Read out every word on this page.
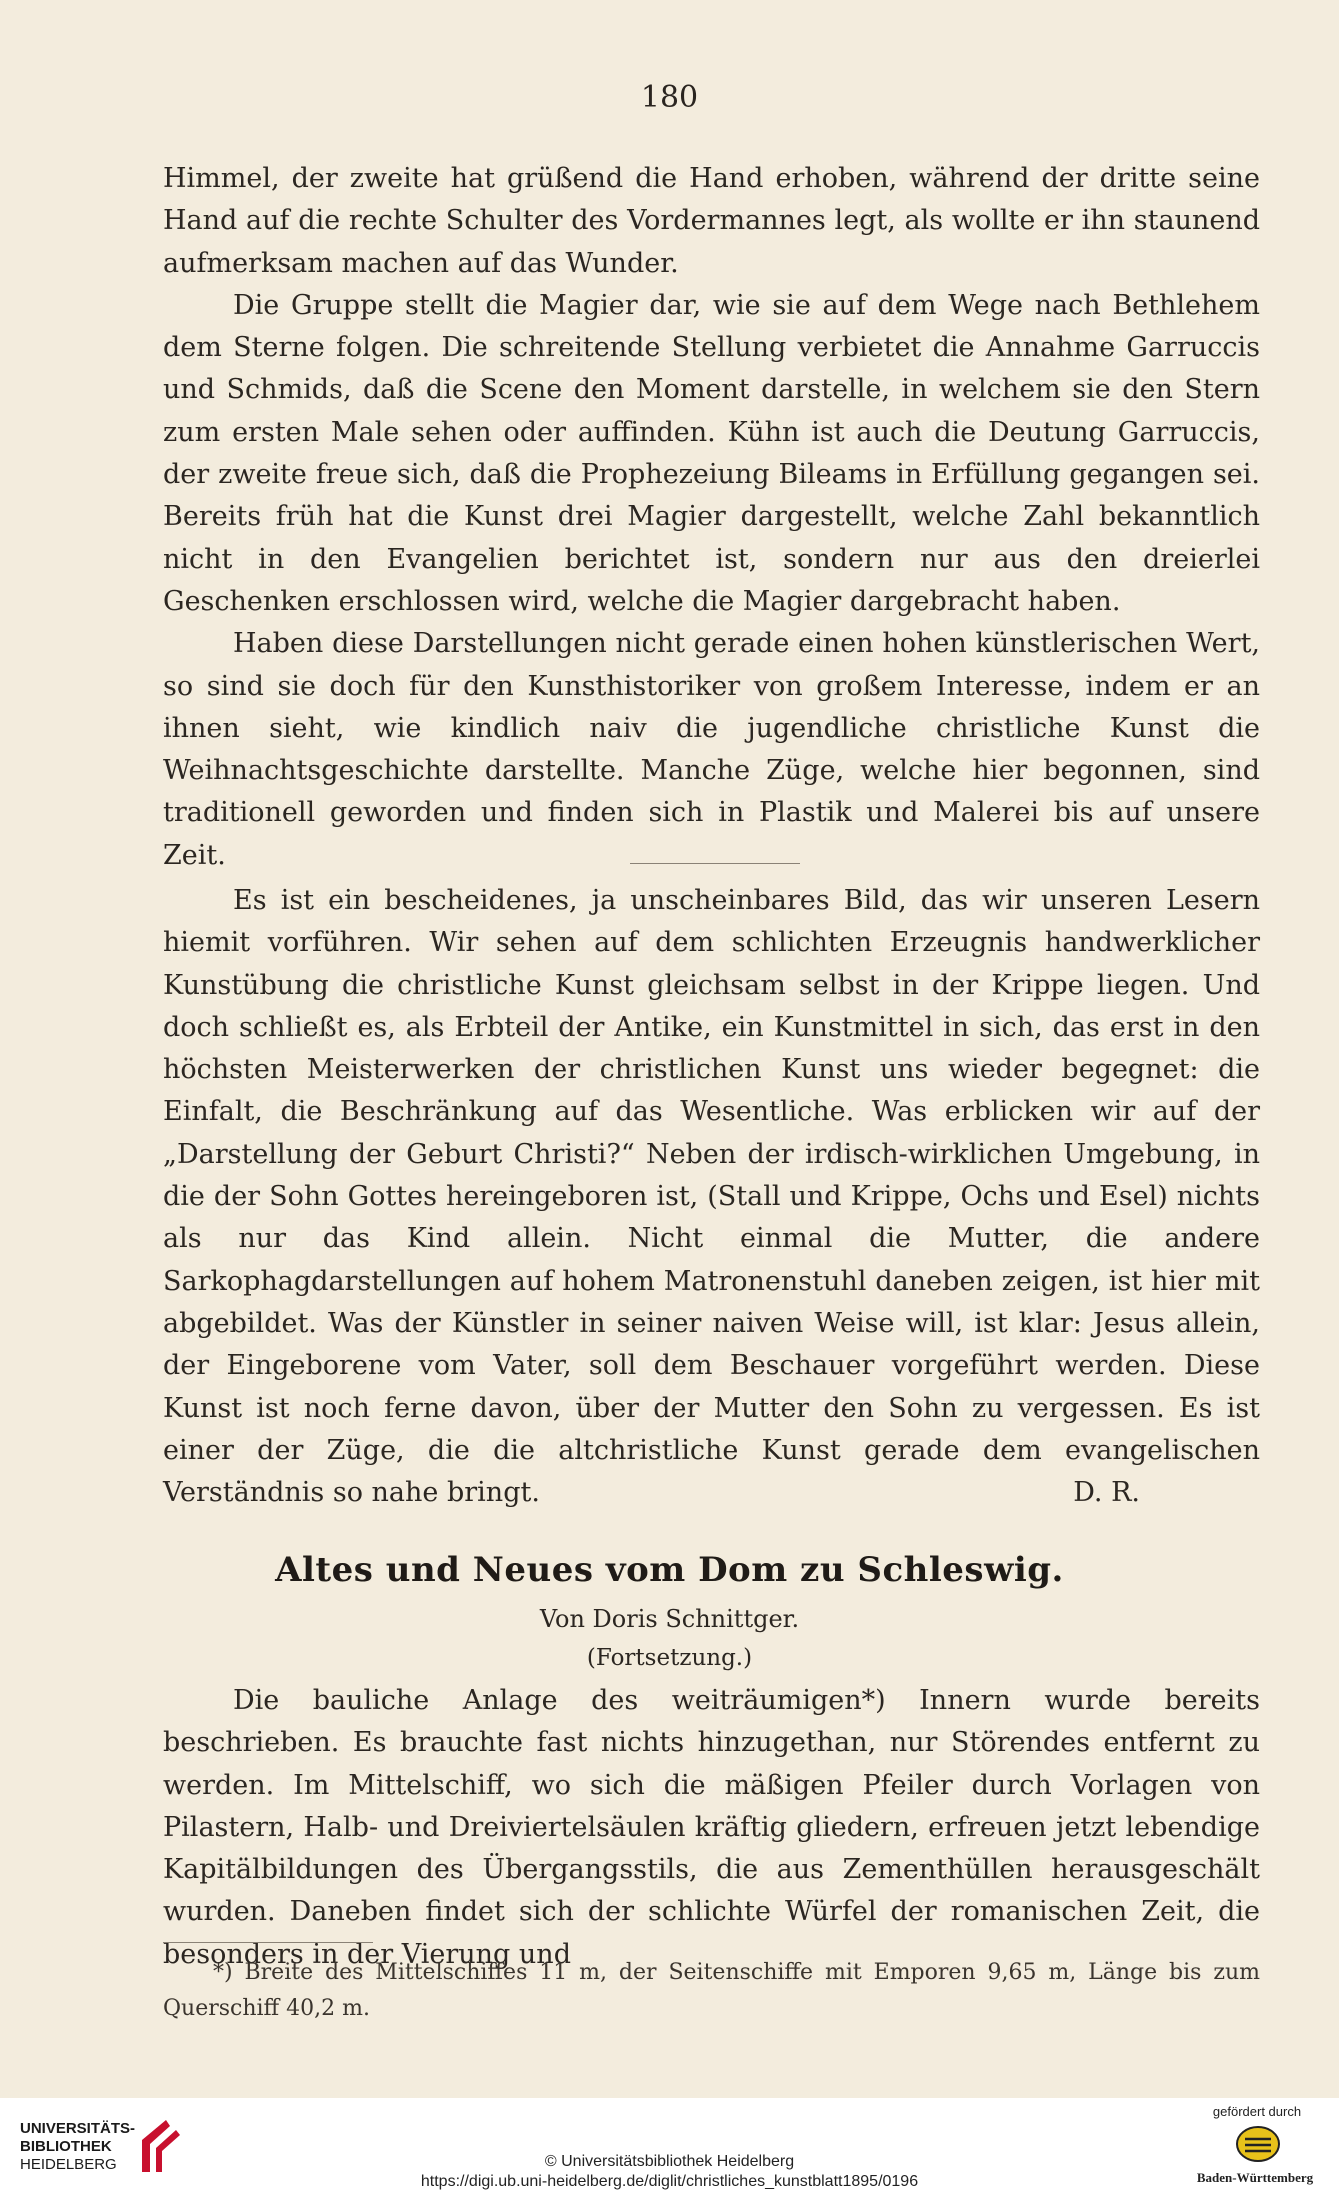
180

Himmel, der zweite hat grüßend die Hand erhoben, während der dritte seine Hand auf die rechte Schulter des Vordermannes legt, als wollte er ihn staunend aufmerksam machen auf das Wunder.

Die Gruppe stellt die Magier dar, wie sie auf dem Wege nach Bethlehem dem Sterne folgen. Die schreitende Stellung verbietet die Annahme Garruccis und Schmids, daß die Scene den Moment darstelle, in welchem sie den Stern zum ersten Male sehen oder auffinden. Kühn ist auch die Deutung Garruccis, der zweite freue sich, daß die Prophezeiung Bileams in Erfüllung gegangen sei. Bereits früh hat die Kunst drei Magier dargestellt, welche Zahl bekanntlich nicht in den Evangelien berichtet ist, sondern nur aus den dreierlei Geschenken erschlossen wird, welche die Magier dargebracht haben.

Haben diese Darstellungen nicht gerade einen hohen künstlerischen Wert, so sind sie doch für den Kunsthistoriker von großem Interesse, indem er an ihnen sieht, wie kindlich naiv die jugendliche christliche Kunst die Weihnachtsgeschichte darstellte. Manche Züge, welche hier begonnen, sind traditionell geworden und finden sich in Plastik und Malerei bis auf unsere Zeit.

Es ist ein bescheidenes, ja unscheinbares Bild, das wir unseren Lesern hiemit vorführen. Wir sehen auf dem schlichten Erzeugnis handwerklicher Kunstübung die christliche Kunst gleichsam selbst in der Krippe liegen. Und doch schließt es, als Erbteil der Antike, ein Kunstmittel in sich, das erst in den höchsten Meisterwerken der christlichen Kunst uns wieder begegnet: die Einfalt, die Beschränkung auf das Wesentliche. Was erblicken wir auf der „Darstellung der Geburt Christi?“ Neben der irdisch-wirklichen Umgebung, in die der Sohn Gottes hereingeboren ist, (Stall und Krippe, Ochs und Esel) nichts als nur das Kind allein. Nicht einmal die Mutter, die andere Sarkophagdarstellungen auf hohem Matronenstuhl daneben zeigen, ist hier mit abgebildet. Was der Künstler in seiner naiven Weise will, ist klar: Jesus allein, der Eingeborene vom Vater, soll dem Beschauer vorgeführt werden. Diese Kunst ist noch ferne davon, über der Mutter den Sohn zu vergessen. Es ist einer der Züge, die die altchristliche Kunst gerade dem evangelischen Verständnis so nahe bringt.	D. R.

Altes und Neues vom Dom zu Schleswig.
Von Doris Schnittger.
(Fortsetzung.)

Die bauliche Anlage des weiträumigen*) Innern wurde bereits beschrieben. Es brauchte fast nichts hinzugethan, nur Störendes entfernt zu werden. Im Mittelschiff, wo sich die mäßigen Pfeiler durch Vorlagen von Pilastern, Halb- und Dreiviertelsäulen kräftig gliedern, erfreuen jetzt lebendige Kapitälbildungen des Übergangsstils, die aus Zementhüllen herausgeschält wurden. Daneben findet sich der schlichte Würfel der romanischen Zeit, die besonders in der Vierung und

*) Breite des Mittelschiffes 11 m, der Seitenschiffe mit Emporen 9,65 m, Länge bis zum Querschiff 40,2 m.

UNIVERSITÄTS-
BIBLIOTHEK
HEIDELBERG	© Universitätsbibliothek Heidelberg
https://digi.ub.uni-heidelberg.de/diglit/christliches_kunstblatt1895/0196
gefördert durch
Baden-Württemberg
